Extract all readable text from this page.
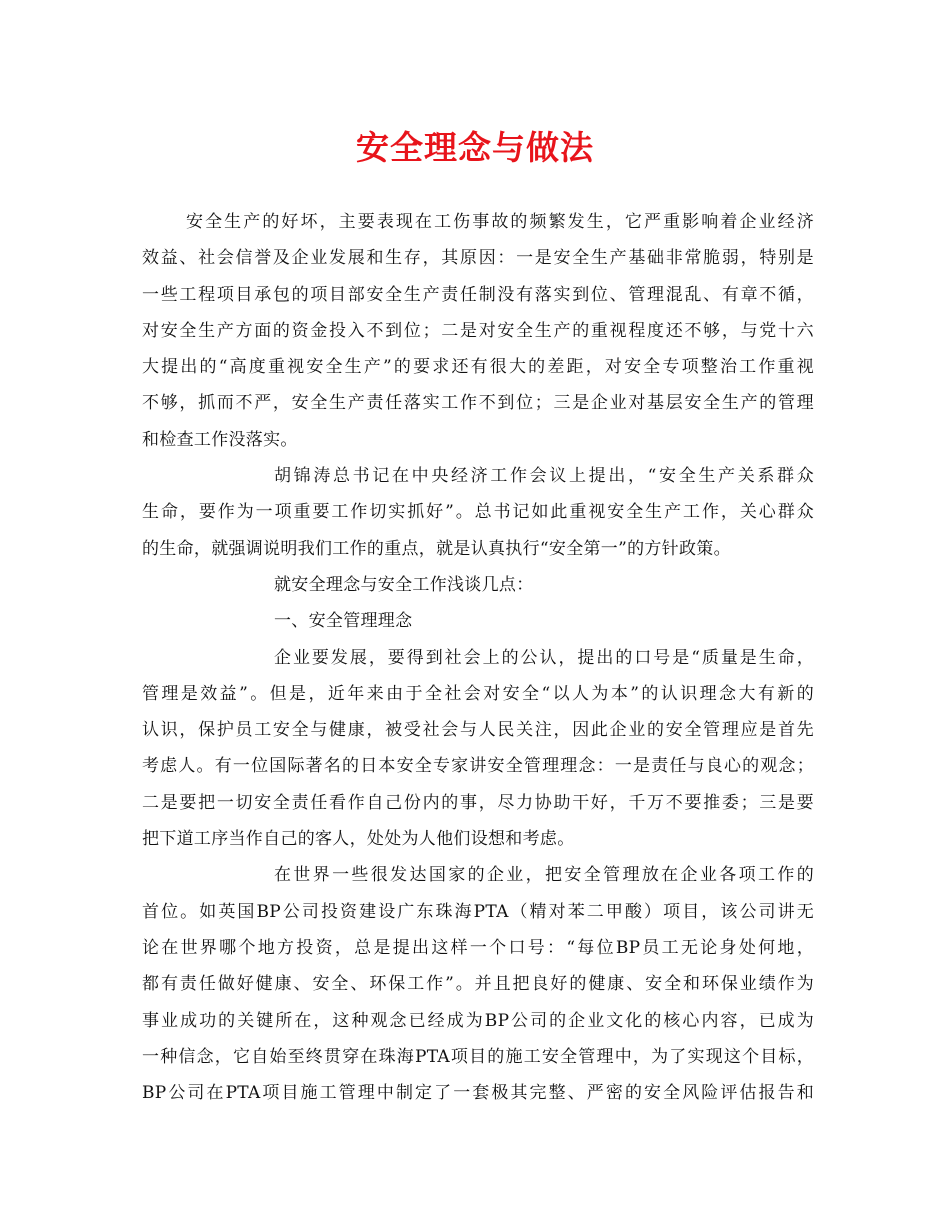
安全理念与做法
安全生产的好坏，主要表现在工伤事故的频繁发生，它严重影响着企业经济
效益、社会信誉及企业发展和生存，其原因：一是安全生产基础非常脆弱，特别是
一些工程项目承包的项目部安全生产责任制没有落实到位、管理混乱、有章不循，
对安全生产方面的资金投入不到位；二是对安全生产的重视程度还不够，与党十六
大提出的“高度重视安全生产”的要求还有很大的差距，对安全专项整治工作重视
不够，抓而不严，安全生产责任落实工作不到位；三是企业对基层安全生产的管理
和检查工作没落实。
胡锦涛总书记在中央经济工作会议上提出，“安全生产关系群众
生命，要作为一项重要工作切实抓好”。总书记如此重视安全生产工作，关心群众
的生命，就强调说明我们工作的重点，就是认真执行“安全第一”的方针政策。
就安全理念与安全工作浅谈几点：
一、安全管理理念
企业要发展，要得到社会上的公认，提出的口号是“质量是生命，
管理是效益”。但是，近年来由于全社会对安全“以人为本”的认识理念大有新的
认识，保护员工安全与健康，被受社会与人民关注，因此企业的安全管理应是首先
考虑人。有一位国际著名的日本安全专家讲安全管理理念：一是责任与良心的观念；
二是要把一切安全责任看作自己份内的事，尽力协助干好，千万不要推委；三是要
把下道工序当作自己的客人，处处为人他们设想和考虑。
在世界一些很发达国家的企业，把安全管理放在企业各项工作的
首位。如英国BP公司投资建设广东珠海PTA（精对苯二甲酸）项目，该公司讲无
论在世界哪个地方投资，总是提出这样一个口号：“每位BP员工无论身处何地，
都有责任做好健康、安全、环保工作”。并且把良好的健康、安全和环保业绩作为
事业成功的关键所在，这种观念已经成为BP公司的企业文化的核心内容，已成为
一种信念，它自始至终贯穿在珠海PTA项目的施工安全管理中，为了实现这个目标，
BP公司在PTA项目施工管理中制定了一套极其完整、严密的安全风险评估报告和
